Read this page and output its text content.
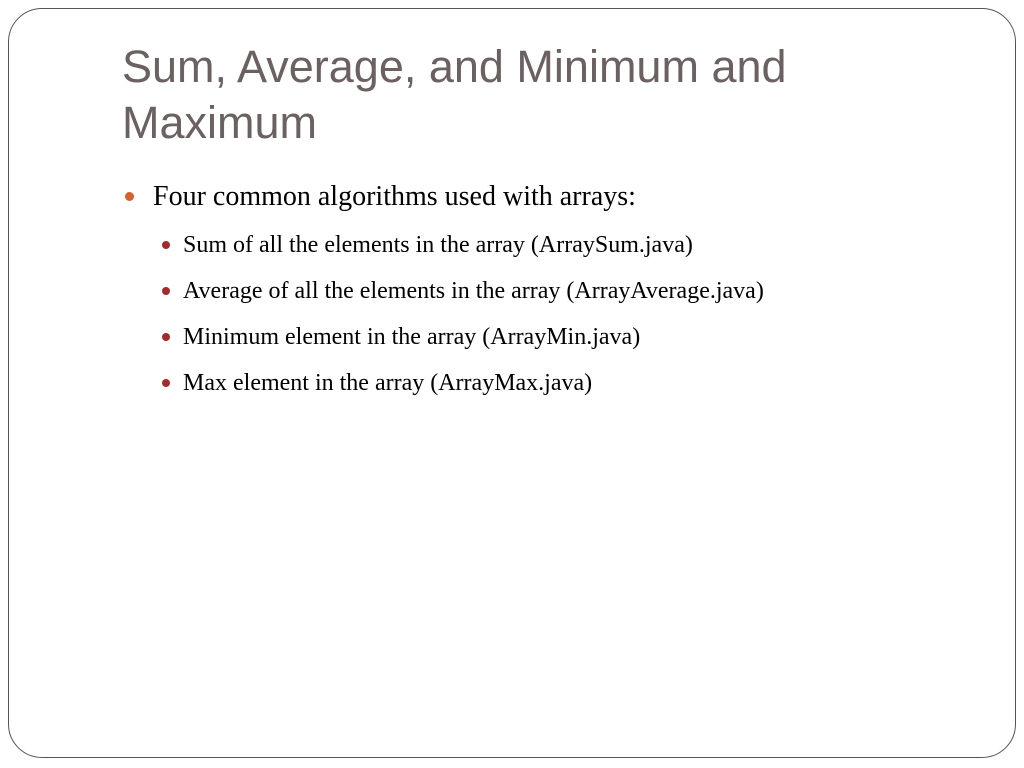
Sum, Average, and Minimum and Maximum
Four common algorithms used with arrays:
Sum of all the elements in the array (ArraySum.java)
Average of all the elements in the array (ArrayAverage.java)
Minimum element in the array (ArrayMin.java)
Max element in the array (ArrayMax.java)
